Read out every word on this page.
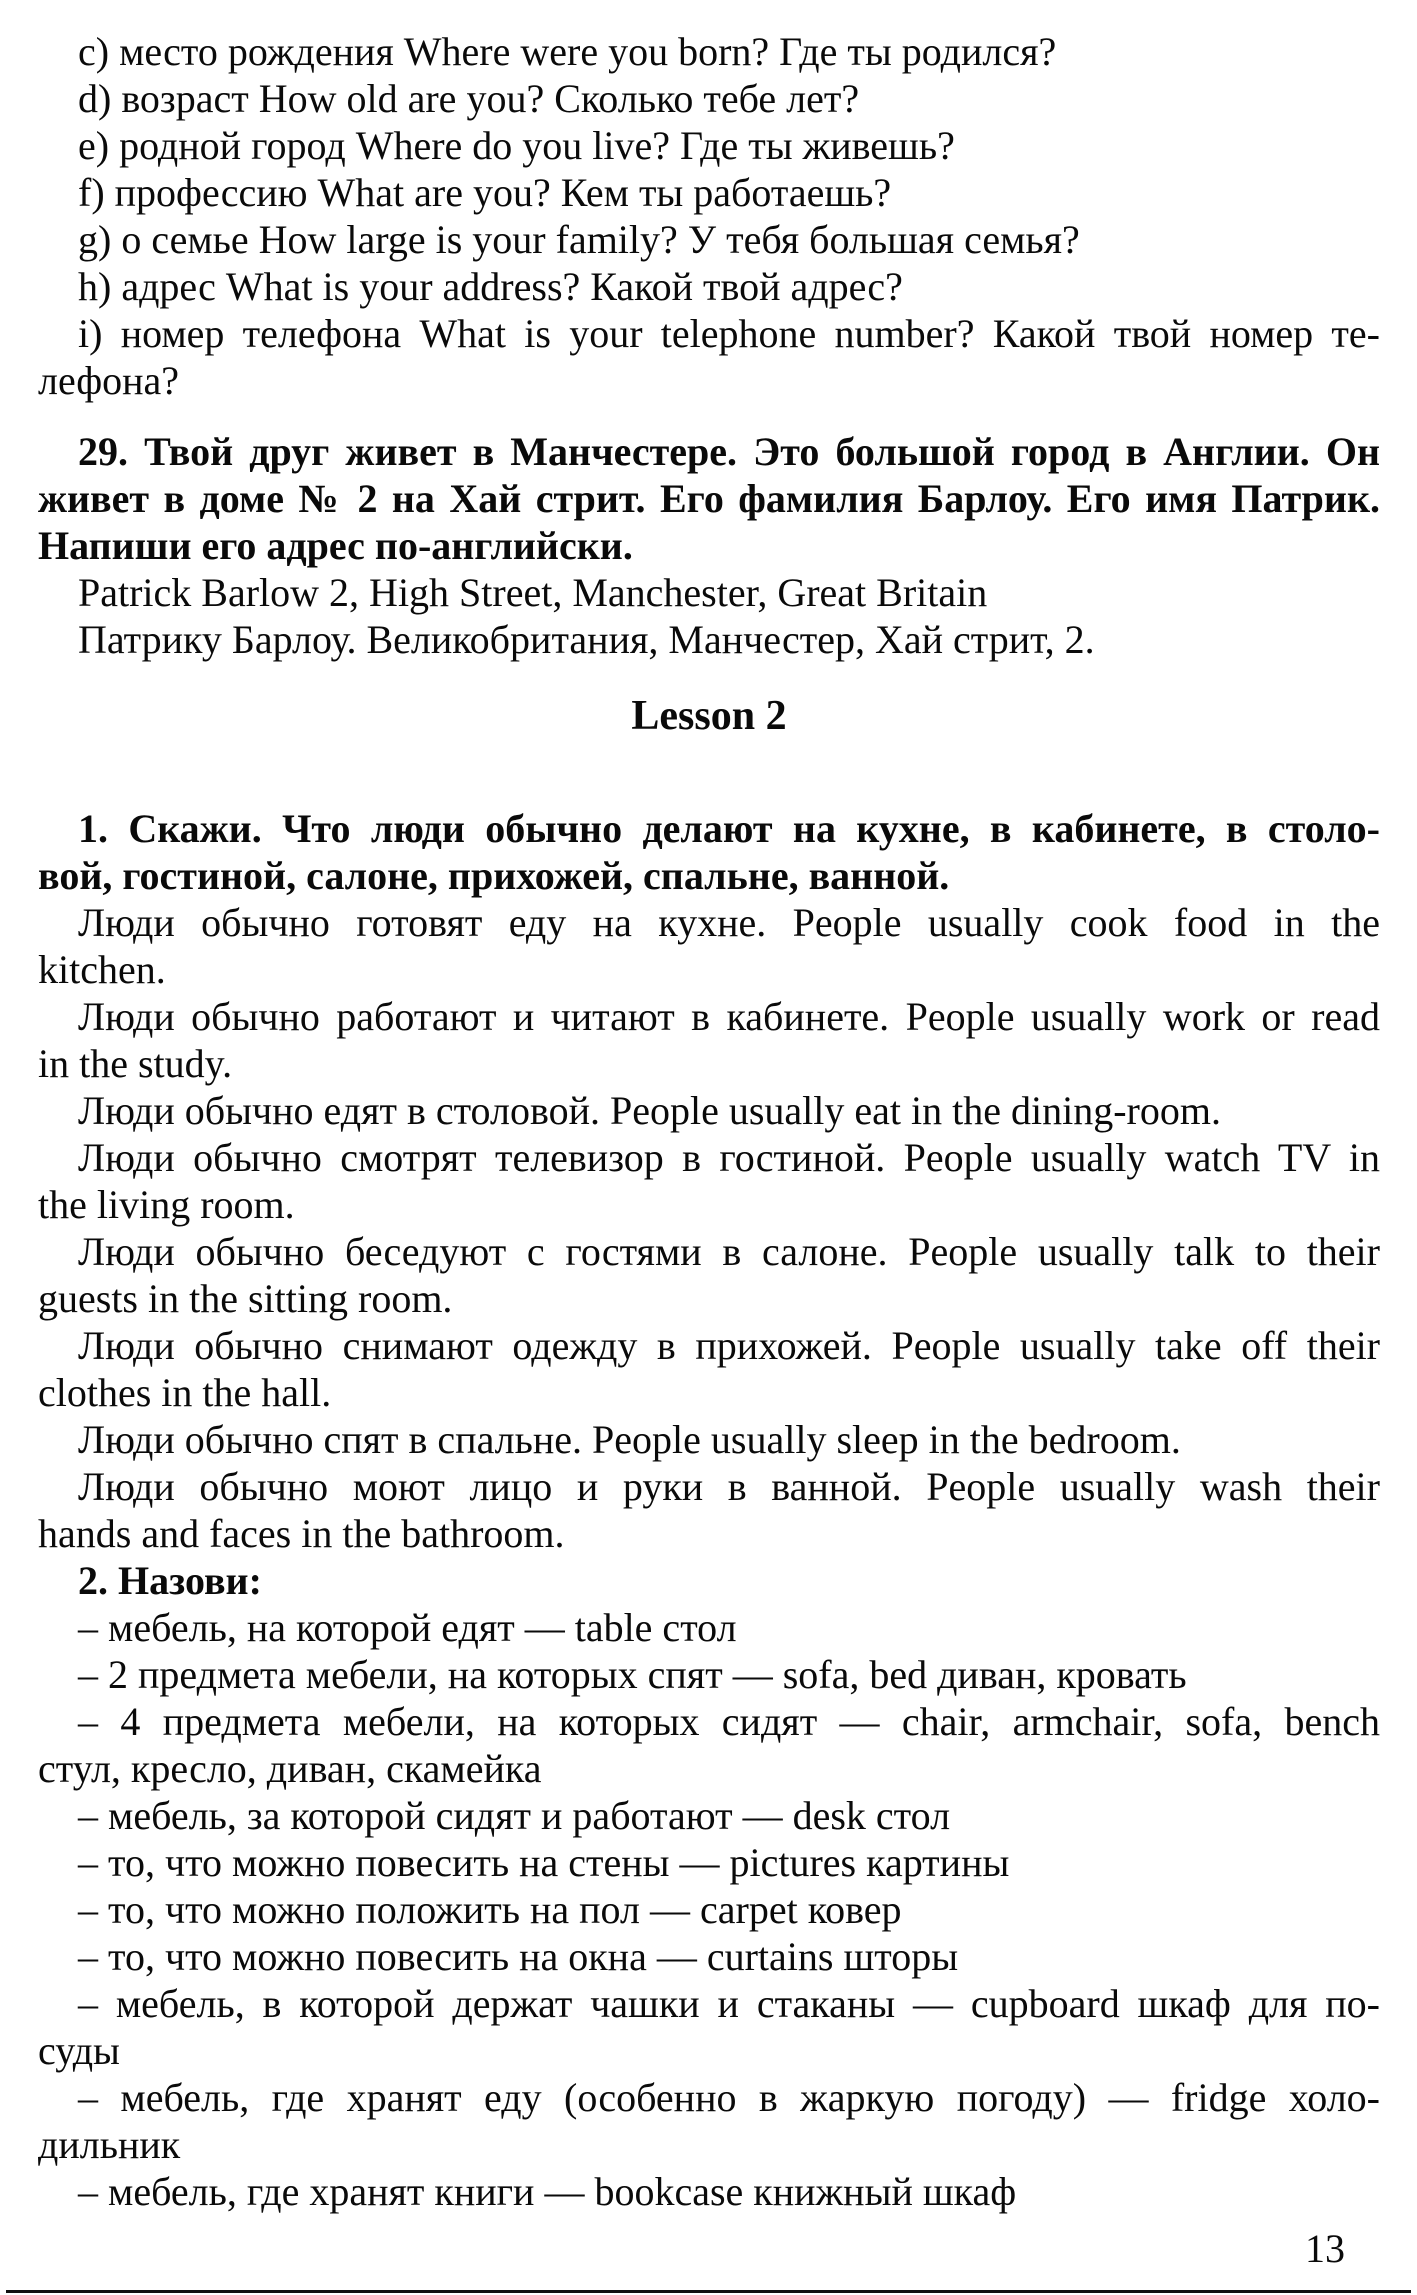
c) место рождения Where were you born? Где ты родился?
d) возраст How old are you? Сколько тебе лет?
e) родной город Where do you live? Где ты живешь?
f) профессию What are you? Кем ты работаешь?
g) о семье How large is your family? У тебя большая семья?
h) адрес What is your address? Какой твой адрес?
i) номер телефона What is your telephone number? Какой твой номер те-
лефона?
29. Твой друг живет в Манчестере. Это большой город в Англии. Он
живет в доме № 2 на Хай стрит. Его фамилия Барлоу. Его имя Патрик.
Напиши его адрес по-английски.
Patrick Barlow 2, High Street, Manchester, Great Britain
Патрику Барлоу. Великобритания, Манчестер, Хай стрит, 2.
Lesson 2
1. Скажи. Что люди обычно делают на кухне, в кабинете, в столо-
вой, гостиной, салоне, прихожей, спальне, ванной.
Люди обычно готовят еду на кухне. People usually cook food in the
kitchen.
Люди обычно работают и читают в кабинете. People usually work or read
in the study.
Люди обычно едят в столовой. People usually eat in the dining-room.
Люди обычно смотрят телевизор в гостиной. People usually watch TV in
the living room.
Люди обычно беседуют с гостями в салоне. People usually talk to their
guests in the sitting room.
Люди обычно снимают одежду в прихожей. People usually take off their
clothes in the hall.
Люди обычно спят в спальне. People usually sleep in the bedroom.
Люди обычно моют лицо и руки в ванной. People usually wash their
hands and faces in the bathroom.
2. Назови:
– мебель, на которой едят — table стол
– 2 предмета мебели, на которых спят — sofa, bed диван, кровать
– 4 предмета мебели, на которых сидят — chair, armchair, sofa, bench
стул, кресло, диван, скамейка
– мебель, за которой сидят и работают — desk стол
– то, что можно повесить на стены — pictures картины
– то, что можно положить на пол — carpet ковер
– то, что можно повесить на окна — curtains шторы
– мебель, в которой держат чашки и стаканы — cupboard шкаф для по-
суды
– мебель, где хранят еду (особенно в жаркую погоду) — fridge холо-
дильник
– мебель, где хранят книги — bookcase книжный шкаф
13
